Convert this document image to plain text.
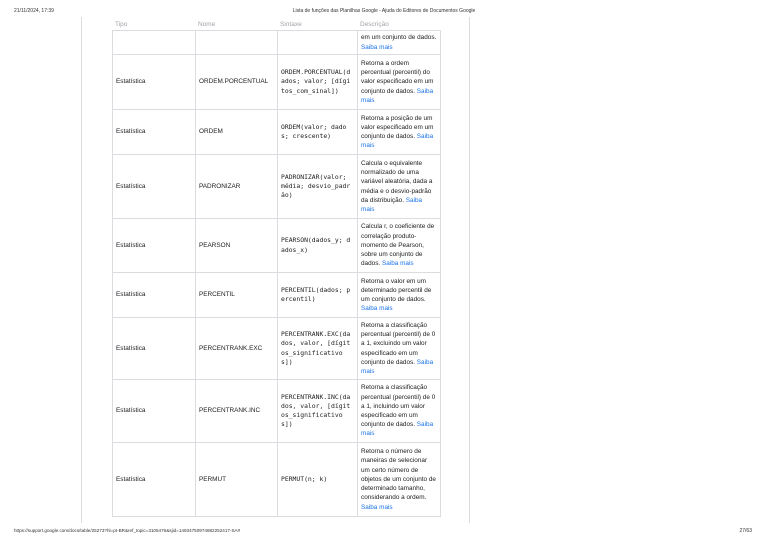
21/11/2024, 17:39	Lista de funções das Planilhas Google - Ajuda do Editores de Documentos Google
Tipo	Nome	Sintaxe	Descrição
			em um conjunto de dados. Saiba mais
Estatística	ORDEM.PORCENTUAL	ORDEM.PORCENTUAL(dados; valor; [dígitos_com_sinal])	Retorna a ordem percentual (percentil) do valor especificado em um conjunto de dados. Saiba mais
Estatística	ORDEM	ORDEM(valor; dados; crescente)	Retorna a posição de um valor especificado em um conjunto de dados. Saiba mais
Estatística	PADRONIZAR	PADRONIZAR(valor; média; desvio_padrão)	Calcula o equivalente normalizado de uma variável aleatória, dada a média e o desvio-padrão da distribuição. Saiba mais
Estatística	PEARSON	PEARSON(dados_y; dados_x)	Calcula r, o coeficiente de correlação produto-momento de Pearson, sobre um conjunto de dados. Saiba mais
Estatística	PERCENTIL	PERCENTIL(dados; percentil)	Retorna o valor em um determinado percentil de um conjunto de dados. Saiba mais
Estatística	PERCENTRANK.EXC	PERCENTRANK.EXC(dados, valor, [dígitos_significativos])	Retorna a classificação percentual (percentil) de 0 a 1, excluindo um valor especificado em um conjunto de dados. Saiba mais
Estatística	PERCENTRANK.INC	PERCENTRANK.INC(dados, valor, [dígitos_significativos])	Retorna a classificação percentual (percentil) de 0 a 1, incluindo um valor especificado em um conjunto de dados. Saiba mais
Estatística	PERMUT	PERMUT(n; k)	Retorna o número de maneiras de selecionar um certo número de objetos de um conjunto de determinado tamanho, considerando a ordem. Saiba mais
https://support.google.com/docs/table/25273?hl=pt-BR&ref_topic=3105476&sjid=14934750974882252417-SA#	27/63
